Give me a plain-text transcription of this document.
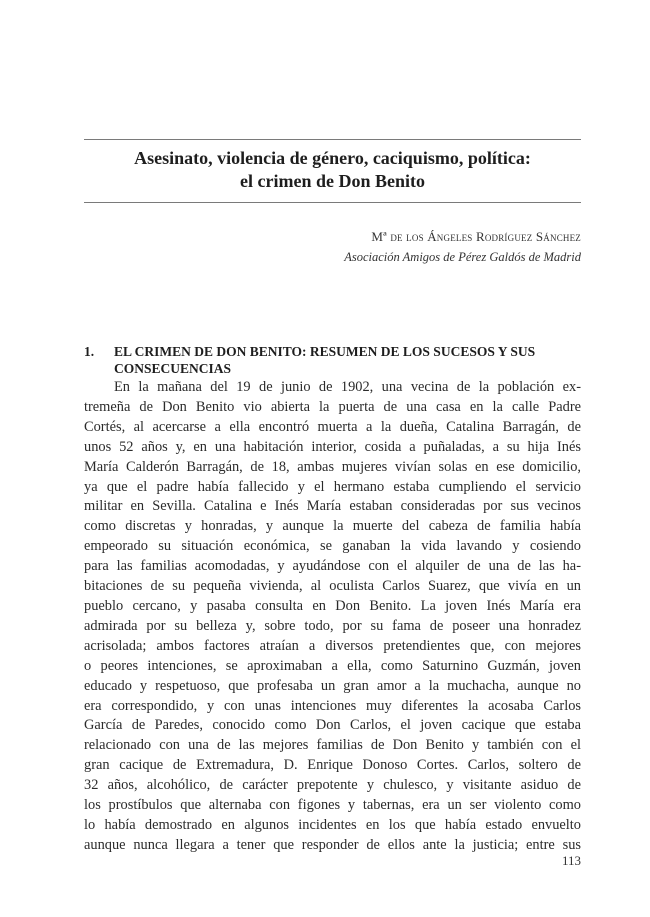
Asesinato, violencia de género, caciquismo, política:
el crimen de Don Benito
Mª de los Ángeles Rodríguez Sánchez
Asociación Amigos de Pérez Galdós de Madrid
1. EL CRIMEN DE DON BENITO: RESUMEN DE LOS SUCESOS Y SUS
CONSECUENCIAS
En la mañana del 19 de junio de 1902, una vecina de la población ex-
tremeña de Don Benito vio abierta la puerta de una casa en la calle Padre
Cortés, al acercarse a ella encontró muerta a la dueña, Catalina Barragán, de
unos 52 años y, en una habitación interior, cosida a puñaladas, a su hija Inés
María Calderón Barragán, de 18, ambas mujeres vivían solas en ese domicilio,
ya que el padre había fallecido y el hermano estaba cumpliendo el servicio
militar en Sevilla. Catalina e Inés María estaban consideradas por sus vecinos
como discretas y honradas, y aunque la muerte del cabeza de familia había
empeorado su situación económica, se ganaban la vida lavando y cosiendo
para las familias acomodadas, y ayudándose con el alquiler de una de las ha-
bitaciones de su pequeña vivienda, al oculista Carlos Suarez, que vivía en un
pueblo cercano, y pasaba consulta en Don Benito. La joven Inés María era
admirada por su belleza y, sobre todo, por su fama de poseer una honradez
acrisolada; ambos factores atraían a diversos pretendientes que, con mejores
o peores intenciones, se aproximaban a ella, como Saturnino Guzmán, joven
educado y respetuoso, que profesaba un gran amor a la muchacha, aunque no
era correspondido, y con unas intenciones muy diferentes la acosaba Carlos
García de Paredes, conocido como Don Carlos, el joven cacique que estaba
relacionado con una de las mejores familias de Don Benito y también con el
gran cacique de Extremadura, D. Enrique Donoso Cortes. Carlos, soltero de
32 años, alcohólico, de carácter prepotente y chulesco, y visitante asiduo de
los prostíbulos que alternaba con figones y tabernas, era un ser violento como
lo había demostrado en algunos incidentes en los que había estado envuelto
aunque nunca llegara a tener que responder de ellos ante la justicia; entre sus
113
